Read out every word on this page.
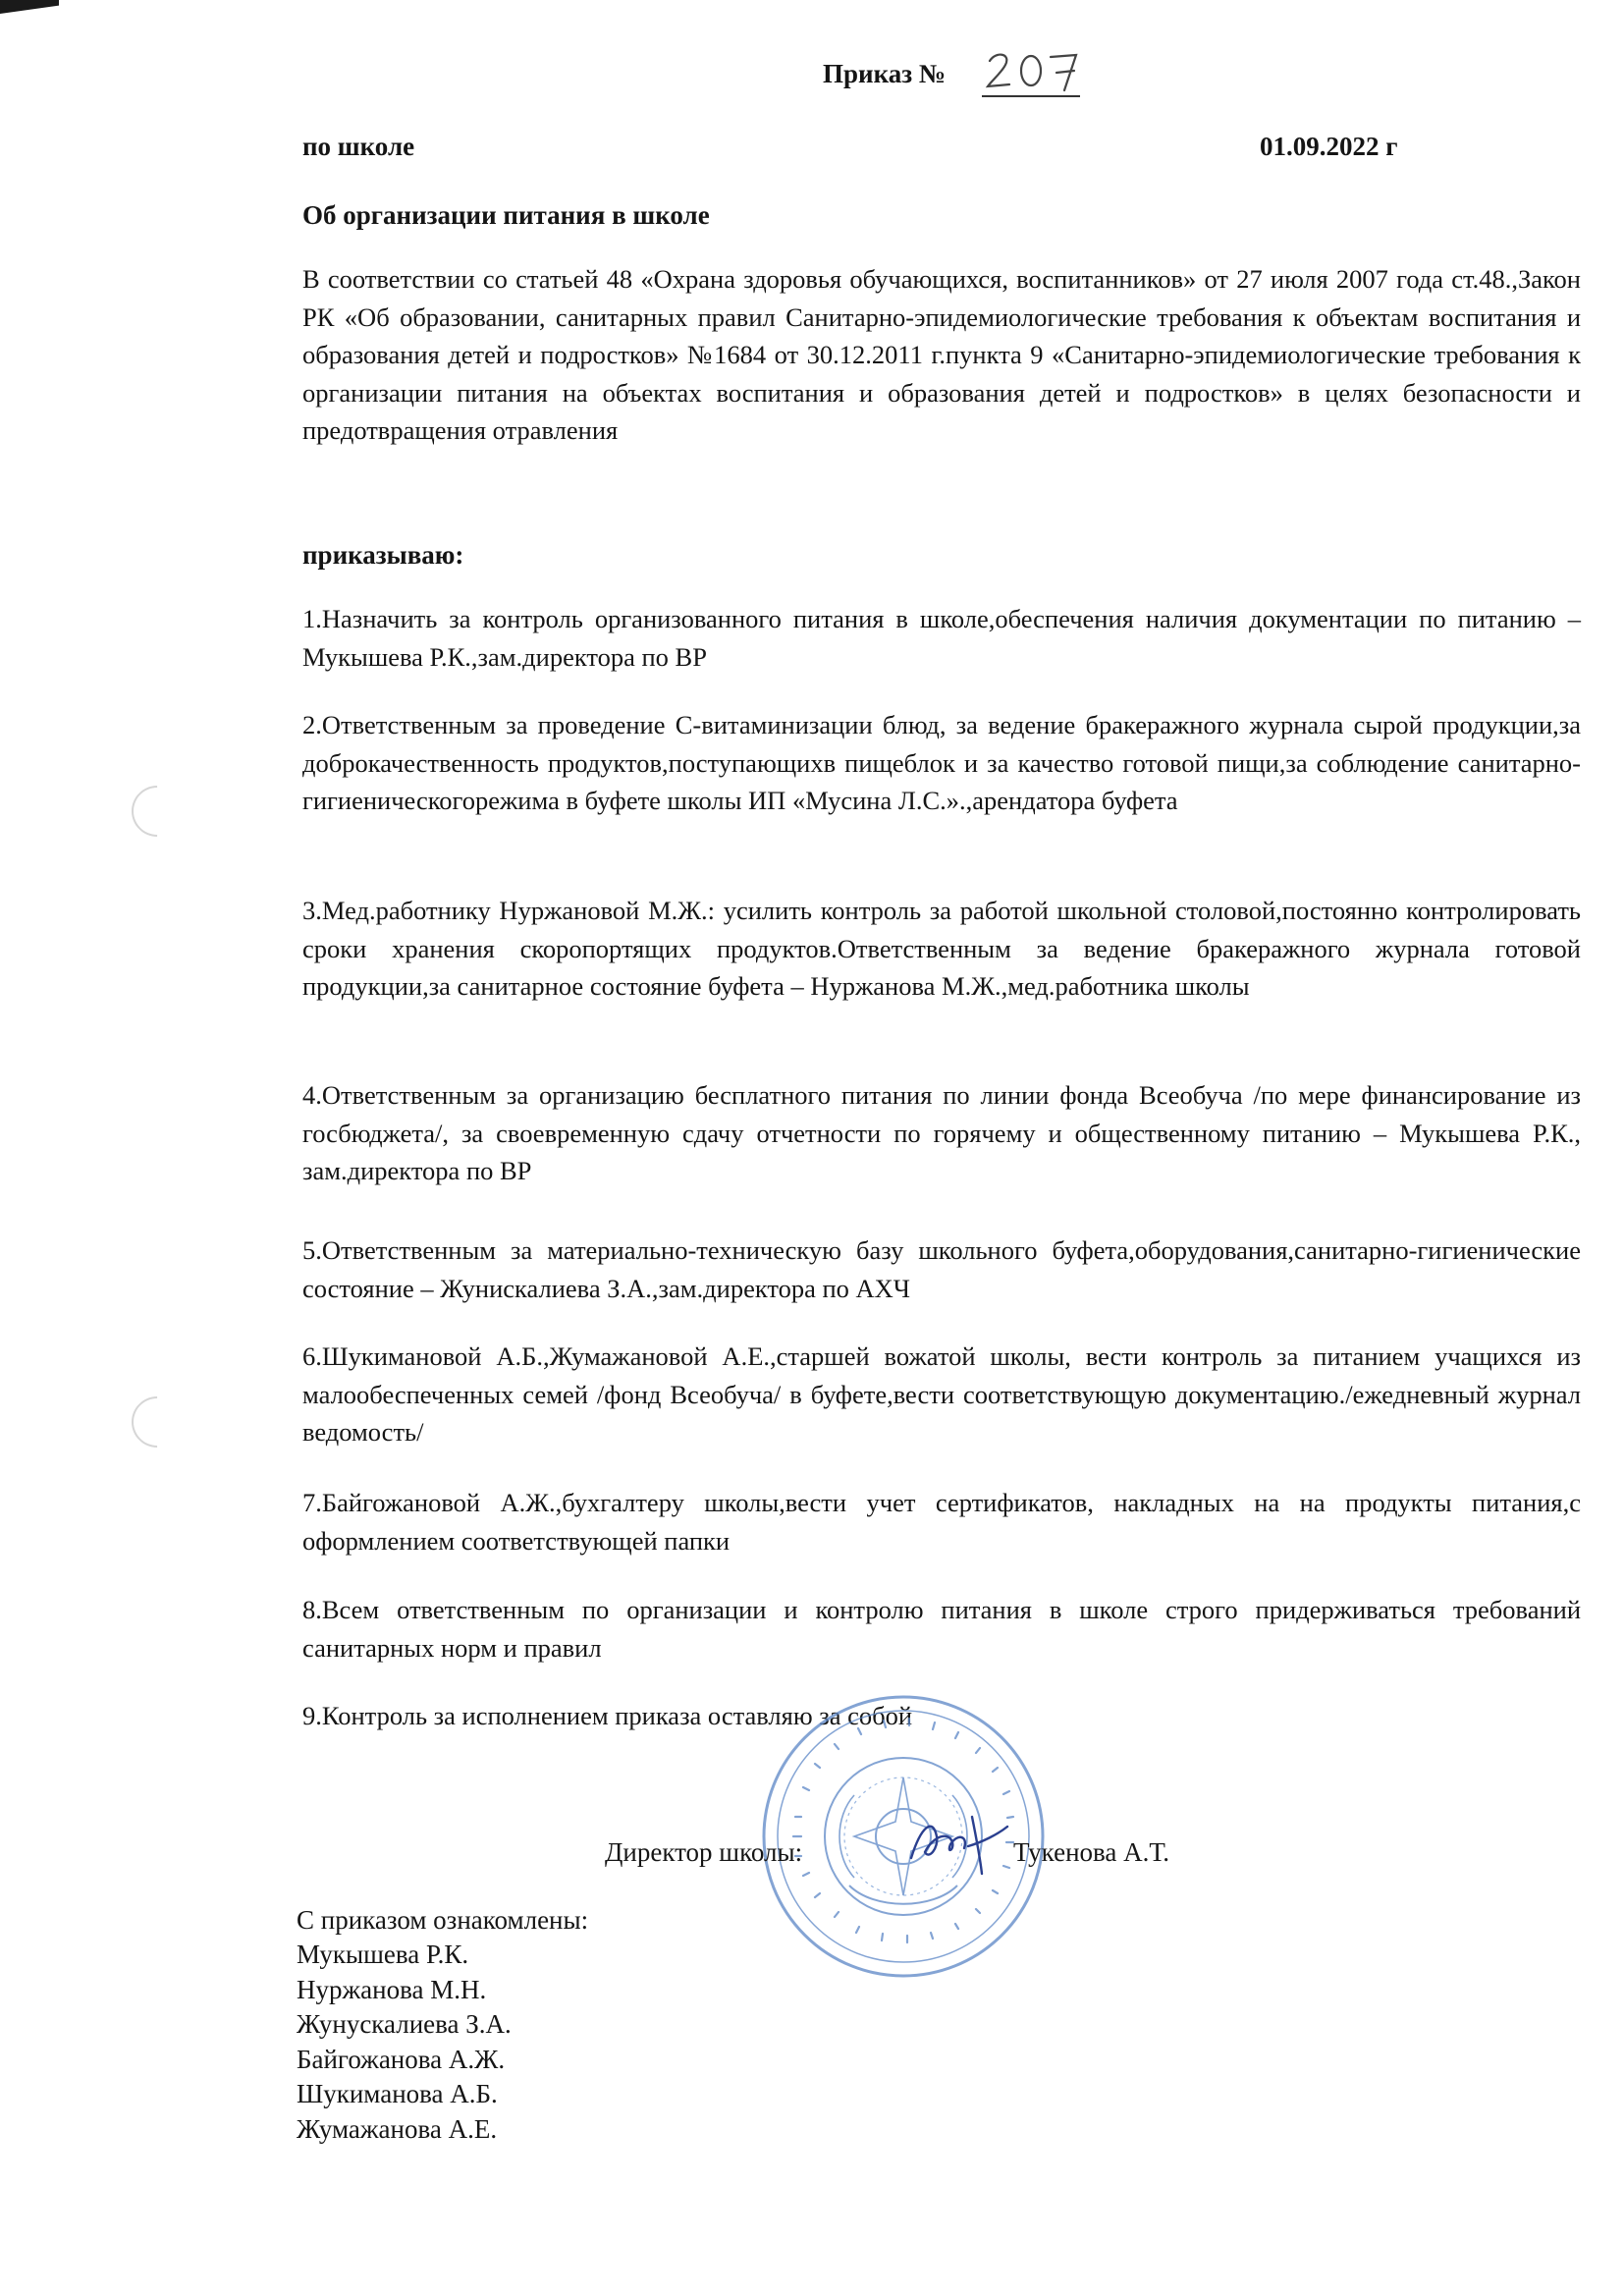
Приказ №
по школе	01.09.2022 г
Об организации питания в школе
В соответствии со статьей 48 «Охрана здоровья обучающихся, воспитанников» от 27 июля 2007 года ст.48.,Закон РК «Об образовании, санитарных правил Санитарно-эпидемиологические требования к объектам воспитания и образования детей и подростков» №1684 от 30.12.2011 г.пункта 9 «Санитарно-эпидемиологические требования к организации питания на объектах воспитания и образования детей и подростков» в целях безопасности и предотвращения отравления
приказываю:
1.Назначить за контроль организованного питания в школе,обеспечения наличия документации по питанию – Мукышева Р.К.,зам.директора по ВР
2.Ответственным за проведение С-витаминизации блюд, за ведение бракеражного журнала сырой продукции,за доброкачественность продуктов,поступающихв пищеблок и за качество готовой пищи,за соблюдение санитарно-гигиеническогорежима в буфете школы ИП «Мусина Л.С.».,арендатора буфета
3.Мед.работнику Нуржановой М.Ж.: усилить контроль за работой школьной столовой,постоянно контролировать сроки хранения скоропортящих продуктов.Ответственным за ведение бракеражного журнала готовой продукции,за санитарное состояние буфета – Нуржанова М.Ж.,мед.работника школы
4.Ответственным за организацию бесплатного питания по линии фонда Всеобуча /по мере финансирование из госбюджета/, за своевременную сдачу отчетности по горячему и общественному питанию – Мукышева Р.К., зам.директора по ВР
5.Ответственным за материально-техническую базу школьного буфета,оборудования,санитарно-гигиенические состояние – Жунискалиева З.А.,зам.директора по АХЧ
6.Шукимановой А.Б.,Жумажановой А.Е.,старшей вожатой школы, вести контроль за питанием учащихся из малообеспеченных семей /фонд Всеобуча/ в буфете,вести соответствующую документацию./ежедневный журнал ведомость/
7.Байгожановой А.Ж.,бухгалтеру школы,вести учет сертификатов, накладных на на продукты питания,с оформлением соответствующей папки
8.Всем ответственным по организации и контролю питания в школе строго придерживаться требований санитарных норм и правил
9.Контроль за исполнением приказа оставляю за собой
Директор школы:	Тукенова А.Т.
С приказом ознакомлены:
Мукышева Р.К.
Нуржанова М.Н.
Жунускалиева З.А.
Байгожанова А.Ж.
Шукиманова А.Б.
Жумажанова А.Е.
